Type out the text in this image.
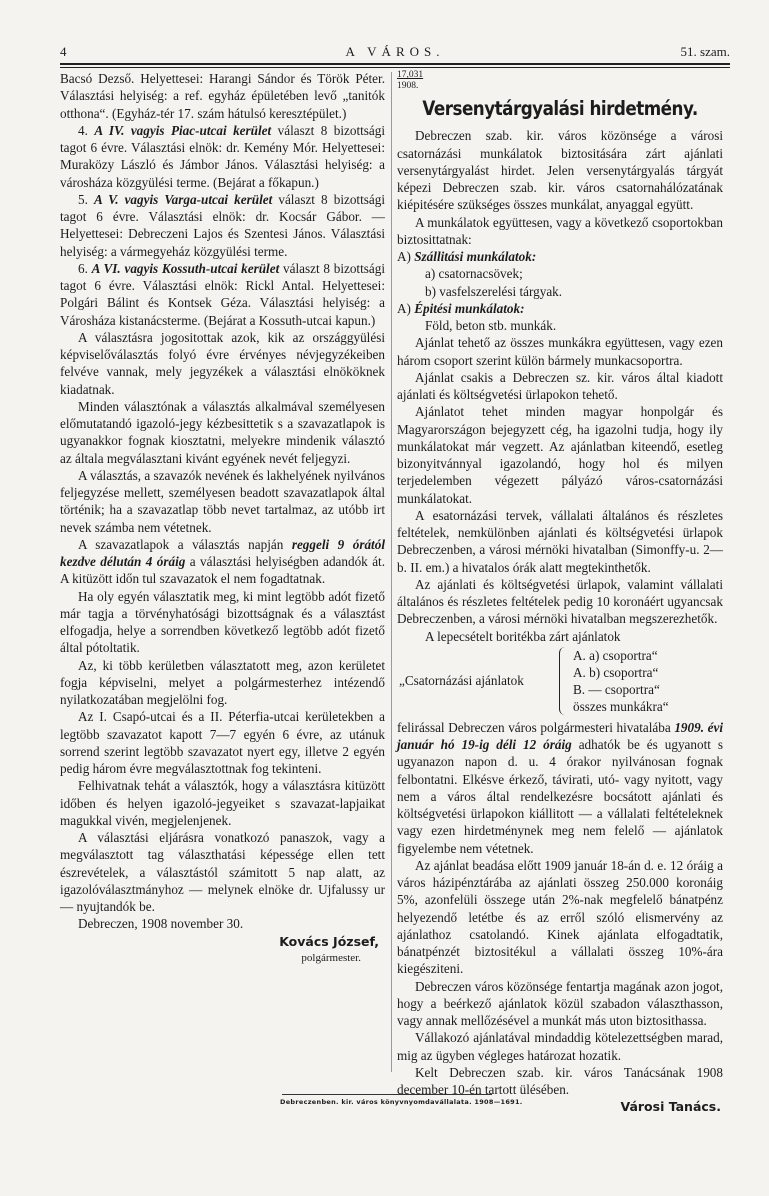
4	A VÁROS.	51. szam.

Bacsó Dezső. Helyettesei: Harangi Sándor és Török Péter. Választási helyiség: a ref. egyház épületében levő „tanitók otthona“. (Egyház-tér 17. szám hátulsó keresztépület.)

4. A IV. vagyis Piac-utcai kerület választ 8 bizottsági tagot 6 évre. Választási elnök: dr. Kemény Mór. Helyettesei: Muraközy László és Jámbor János. Választási helyiség: a városháza közgyülési terme. (Bejárat a főkapun.)

5. A V. vagyis Varga-utcai kerület választ 8 bizottsági tagot 6 évre. Választási elnök: dr. Kocsár Gábor. — Helyettesei: Debreczeni Lajos és Szentesi János. Választási helyiség: a vármegyeház közgyülési terme.

6. A VI. vagyis Kossuth-utcai kerület választ 8 bizottsági tagot 6 évre. Választási elnök: Rickl Antal. Helyettesei: Polgári Bálint és Kontsek Géza. Választási helyiség: a Városháza kistanácsterme. (Bejárat a Kossuth-utcai kapun.)

A választásra jogositottak azok, kik az országgyülési képviselőválasztás folyó évre érvényes névjegyzékeiben felvéve vannak, mely jegyzékek a választási elnököknek kiadatnak.

Minden választónak a választás alkalmával személyesen előmutatandó igazoló-jegy kézbesittetik s a szavazatlapok is ugyanakkor fognak kiosztatni, melyekre mindenik választó az általa megválasztani kivánt egyének nevét feljegyzi.

A választás, a szavazók nevének és lakhelyének nyilvános feljegyzése mellett, személyesen beadott szavazatlapok által történik; ha a szavazatlap több nevet tartalmaz, az utóbb irt nevek számba nem vétetnek.

A szavazatlapok a választás napján reggeli 9 órától kezdve délután 4 óráig a választási helyiségben adandók át. A kitüzött időn tul szavazatok el nem fogadtatnak.

Ha oly egyén választatik meg, ki mint legtöbb adót fizető már tagja a törvényhatósági bizottságnak és a választást elfogadja, helye a sorrendben következő legtöbb adót fizető által pótoltatik.

Az, ki több kerületben választatott meg, azon kerületet fogja képviselni, melyet a polgármesterhez intézendő nyilatkozatában megjelölni fog.

Az I. Csapó-utcai és a II. Péterfia-utcai kerületekben a legtöbb szavazatot kapott 7—7 egyén 6 évre, az utánuk sorrend szerint legtöbb szavazatot nyert egy, illetve 2 egyén pedig három évre megválasztottnak fog tekinteni.

Felhivatnak tehát a választók, hogy a választásra kitüzött időben és helyen igazoló-jegyeiket s szavazat-lapjaikat magukkal vivén, megjelenjenek.

A választási eljárásra vonatkozó panaszok, vagy a megválasztott tag választhatási képessége ellen tett észrevételek, a választástól számitott 5 nap alatt, az igazolóválasztmányhoz — melynek elnöke dr. Ujfalussy ur — nyujtandók be.

Debreczen, 1908 november 30.

Kovács József,
polgármester.
17,031
1908.
Versenytárgyalási hirdetmény.

Debreczen szab. kir. város közönsége a városi csatornázási munkálatok biztositására zárt ajánlati versenytárgyalást hirdet. Jelen versenytárgyalás tárgyát képezi Debreczen szab. kir. város csatornahálózatának kiépitésére szükséges összes munkálat, anyaggal együtt.

A munkálatok együttesen, vagy a következő csoportokban biztosittatnak:

A) Szállitási munkálatok:

a) csatornacsövek;

b) vasfelszerelési tárgyak.

A) Épitési munkálatok:

Föld, beton stb. munkák.

Ajánlat tehető az összes munkákra együttesen, vagy ezen három csoport szerint külön bármely munkacsoportra.

Ajánlat csakis a Debreczen sz. kir. város által kiadott ajánlati és költségvetési ürlapokon tehető.

Ajánlatot tehet minden magyar honpolgár és Magyarországon bejegyzett cég, ha igazolni tudja, hogy ily munkálatokat már vegzett. Az ajánlatban kiteendő, esetleg bizonyitvánnyal igazolandó, hogy hol és milyen terjedelemben végezett pályázó város-csatornázási munkálatokat.

A esatornázási tervek, vállalati általános és részletes feltételek, nemkülönben ajánlati és költségvetési ürlapok Debreczenben, a városi mérnöki hivatalban (Simonffy-u. 2—b. II. em.) a hivatalos órák alatt megtekinthetők.

Az ajánlati és költségvetési ürlapok, valamint vállalati általános és részletes feltételek pedig 10 koronáért ugyancsak Debreczenben, a városi mérnöki hivatalban megszerezhetők.

A lepecsételt boritékba zárt ajánlatok

„Csatornázási ajánlatok
A. a) csoportra“
A. b) csoportra“
B. — csoportra“
összes munkákra“

felirással Debreczen város polgármesteri hivatalába 1909. évi január hó 19-ig déli 12 óráig adhatók be és ugyanott s ugyanazon napon d. u. 4 órakor nyilvánosan fognak felbontatni. Elkésve érkező, távirati, utó- vagy nyitott, vagy nem a város által rendelkezésre bocsátott ajánlati és költségvetési ürlapokon kiállitott — a vállalati feltételeknek vagy ezen hirdetménynek meg nem felelő — ajánlatok figyelembe nem vétetnek.

Az ajánlat beadása előtt 1909 január 18-án d. e. 12 óráig a város házipénztárába az ajánlati összeg 250.000 koronáig 5%, azonfelüli összege után 2%-nak megfelelő bánatpénz helyezendő letétbe és az erről szóló elismervény az ajánlathoz csatolandó. Kinek ajánlata elfogadtatik, bánatpénzét biztositékul a vállalati összeg 10%-ára kiegésziteni.

Debreczen város közönsége fentartja magának azon jogot, hogy a beérkező ajánlatok közül szabadon választhasson, vagy annak mellőzésével a munkát más uton biztosithassa.

Vállakozó ajánlatával mindaddig kötelezettségben marad, mig az ügyben végleges határozat hozatik.

Kelt Debreczen szab. kir. város Tanácsának 1908 december 10-én tartott ülésében.

Városi Tanács.
Debreczenben. kir. város könyvnyomdavállalata. 1908—1691.
